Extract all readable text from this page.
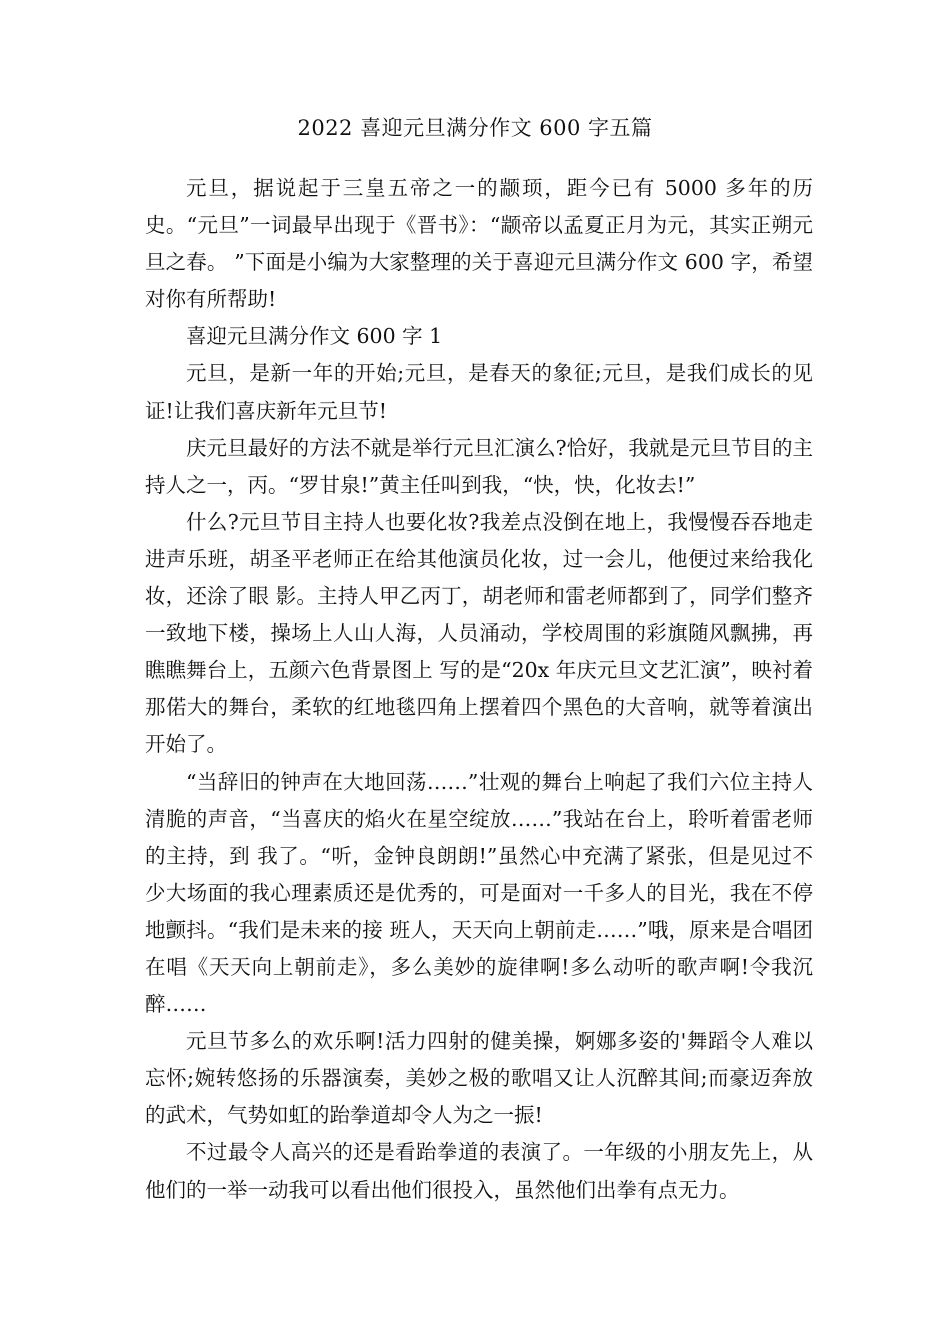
2022 喜迎元旦满分作文 600 字五篇

元旦，据说起于三皇五帝之一的颛顼，距今已有 5000 多年的历史。“元旦”一词最早出现于《晋书》：“颛帝以孟夏正月为元，其实正朔元旦之春。 ”下面是小编为大家整理的关于喜迎元旦满分作文 600 字，希望对你有所帮助!

喜迎元旦满分作文 600 字 1

元旦，是新一年的开始;元旦，是春天的象征;元旦，是我们成长的见证!让我们喜庆新年元旦节!

庆元旦最好的方法不就是举行元旦汇演么?恰好，我就是元旦节目的主持人之一，丙。“罗甘泉!”黄主任叫到我，“快，快，化妆去!”

什么?元旦节目主持人也要化妆?我差点没倒在地上，我慢慢吞吞地走进声乐班，胡圣平老师正在给其他演员化妆，过一会儿，他便过来给我化妆，还涂了眼 影。主持人甲乙丙丁，胡老师和雷老师都到了，同学们整齐一致地下楼，操场上人山人海，人员涌动，学校周围的彩旗随风飘拂，再瞧瞧舞台上，五颜六色背景图上 写的是“20x 年庆元旦文艺汇演”，映衬着那偌大的舞台，柔软的红地毯四角上摆着四个黑色的大音响，就等着演出开始了。

“当辞旧的钟声在大地回荡……”壮观的舞台上响起了我们六位主持人清脆的声音，“当喜庆的焰火在星空绽放……”我站在台上，聆听着雷老师的主持，到 我了。“听，金钟良朗朗!”虽然心中充满了紧张，但是见过不少大场面的我心理素质还是优秀的，可是面对一千多人的目光，我在不停地颤抖。“我们是未来的接 班人，天天向上朝前走……”哦，原来是合唱团在唱《天天向上朝前走》，多么美妙的旋律啊!多么动听的歌声啊!令我沉醉……

元旦节多么的欢乐啊!活力四射的健美操，婀娜多姿的'舞蹈令人难以忘怀;婉转悠扬的乐器演奏，美妙之极的歌唱又让人沉醉其间;而豪迈奔放的武术，气势如虹的跆拳道却令人为之一振!

不过最令人高兴的还是看跆拳道的表演了。一年级的小朋友先上，从他们的一举一动我可以看出他们很投入，虽然他们出拳有点无力。
